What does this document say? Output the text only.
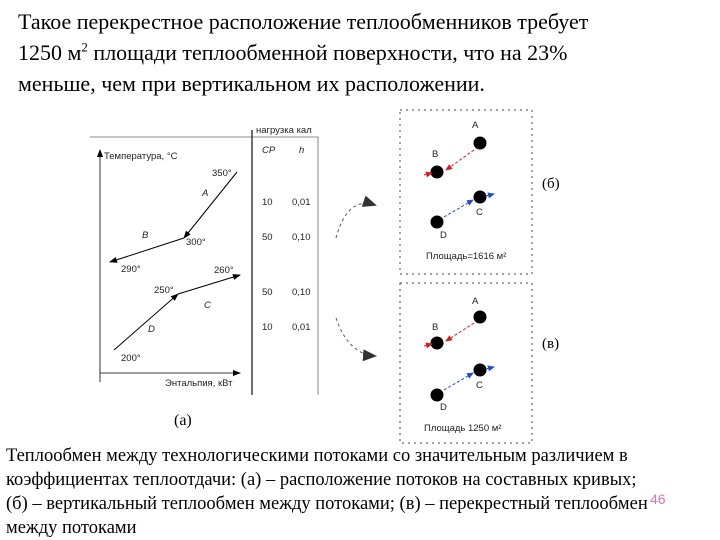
Такое перекрестное расположение теплообменников требует
1250 $м^2$ площади теплообменной поверхности, что на 23%
меньше, чем при вертикальном их расположении.

Температура, °C
Энтальпия, кВт
нагрузка кал
CP	h
A
B
C
D
350°
300°
290°	260°
250°
200°
10 0,01
50 0,10
50 0,10
10 0,01
(a)
A
B
C
D
Площадь=1616 м²
(б)
A
B
C
D
Площадь 1250 м²
(в)

Теплообмен между технологическими потоками со значительным различием в
коэффициентах теплоотдачи: (а) – расположение потоков на составных кривых;
(б) – вертикальный теплообмен между потоками; (в) – перекрестный теплообмен
между потоками

46
